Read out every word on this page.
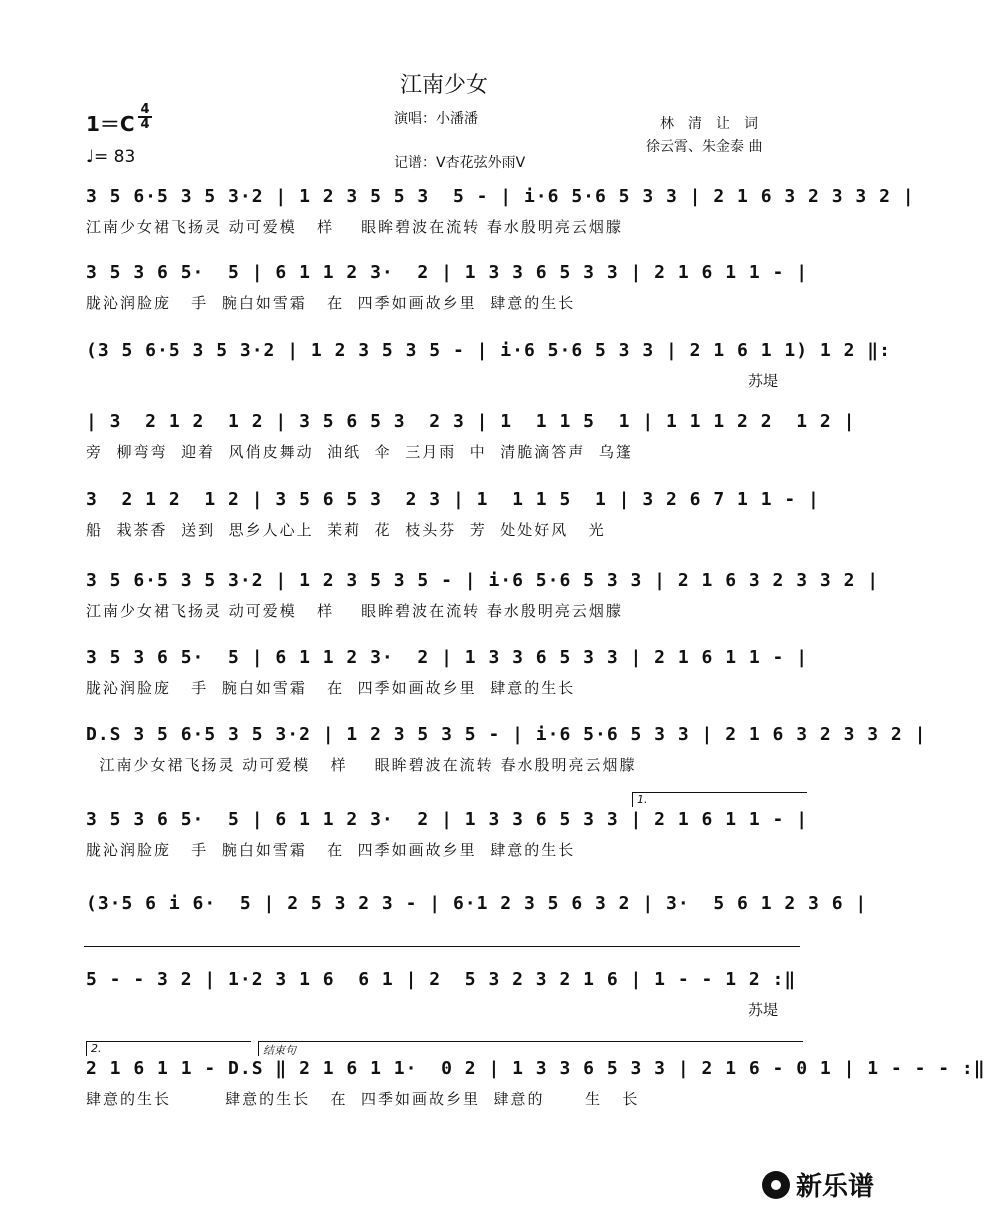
江南少女
1＝C
4
4
♩= 83
演唱：小潘潘
记谱：V杏花弦外雨V
林清让词
徐云霄、朱金泰 曲
3 5 6·5 3 5 3·2 | 1 2 3 5 5 3  5 - | i·6 5·6 5 3 3 | 2 1 6 3 2 3 3 2 |
江南少女裙飞扬灵 动可爱模   样    眼眸碧波在流转 春水殷明亮云烟朦
3 5 3 6 5·  5 | 6 1 1 2 3·  2 | 1 3 3 6 5 3 3 | 2 1 6 1 1 - |
胧沁润脸庞   手  腕白如雪霜   在  四季如画故乡里  肆意的生长
(3 5 6·5 3 5 3·2 | 1 2 3 5 3 5 - | i·6 5·6 5 3 3 | 2 1 6 1 1) 1 2 ‖:
苏堤
| 3  2 1 2  1 2 | 3 5 6 5 3  2 3 | 1  1 1 5  1 | 1 1 1 2 2  1 2 |
旁  柳弯弯  迎着  风俏皮舞动  油纸  伞  三月雨  中  清脆滴答声  乌篷
3  2 1 2  1 2 | 3 5 6 5 3  2 3 | 1  1 1 5  1 | 3 2 6 7 1 1 - |
船  栽茶香  送到  思乡人心上  茉莉  花  枝头芬  芳  处处好风   光
3 5 6·5 3 5 3·2 | 1 2 3 5 3 5 - | i·6 5·6 5 3 3 | 2 1 6 3 2 3 3 2 |
江南少女裙飞扬灵 动可爱模   样    眼眸碧波在流转 春水殷明亮云烟朦
3 5 3 6 5·  5 | 6 1 1 2 3·  2 | 1 3 3 6 5 3 3 | 2 1 6 1 1 - |
胧沁润脸庞   手  腕白如雪霜   在  四季如画故乡里  肆意的生长
D.S 3 5 6·5 3 5 3·2 | 1 2 3 5 3 5 - | i·6 5·6 5 3 3 | 2 1 6 3 2 3 3 2 |
江南少女裙飞扬灵 动可爱模   样    眼眸碧波在流转 春水殷明亮云烟朦
3 5 3 6 5·  5 | 6 1 1 2 3·  2 | 1 3 3 6 5 3 3 | 2 1 6 1 1 - |
胧沁润脸庞   手  腕白如雪霜   在  四季如画故乡里  肆意的生长
1.
(3·5 6 i 6·  5 | 2 5 3 2 3 - | 6·1 2 3 5 6 3 2 | 3·  5 6 1 2 3 6 |
5 - - 3 2 | 1·2 3 1 6  6 1 | 2  5 3 2 3 2 1 6 | 1 - - 1 2 :‖
苏堤
2 1 6 1 1 - D.S ‖ 2 1 6 1 1·  0 2 | 1 3 3 6 5 3 3 | 2 1 6 - 0 1 | 1 - - - :‖
肆意的生长        肆意的生长   在  四季如画故乡里  肆意的      生   长
2.	结束句
新乐谱
